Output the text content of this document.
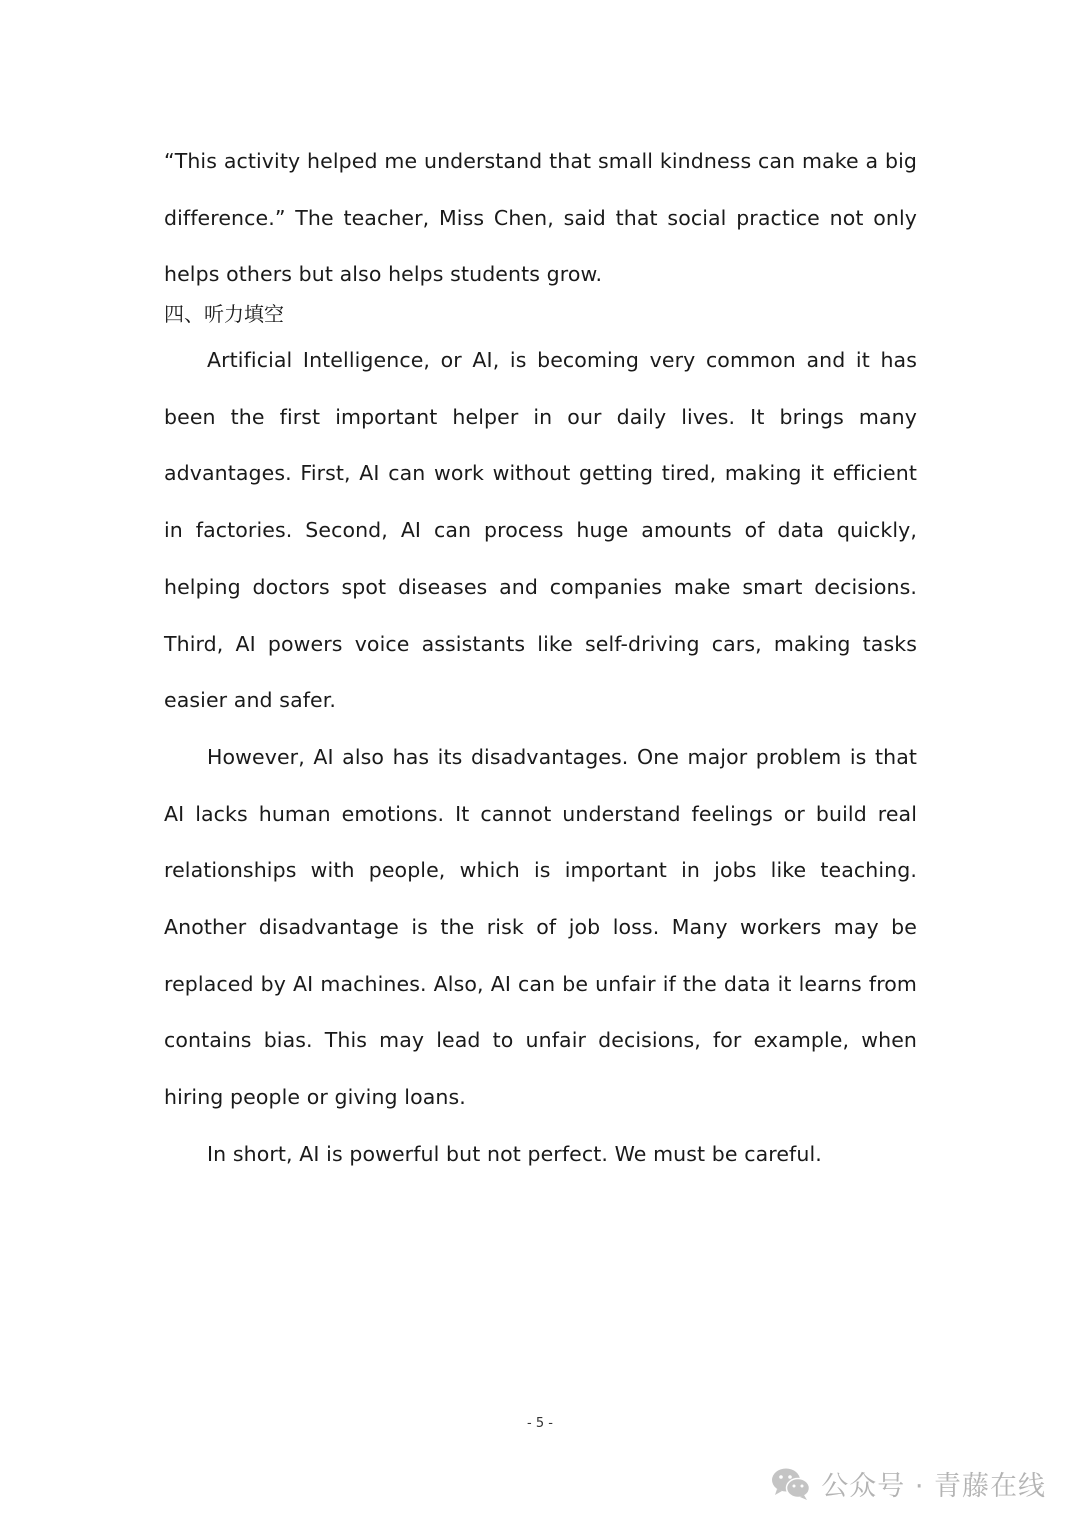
“This activity helped me understand that small kindness can make a big difference.” The teacher, Miss Chen, said that social practice not only helps others but also helps students grow.

四、听力填空

Artificial Intelligence, or AI, is becoming very common and it has been the first important helper in our daily lives. It brings many advantages. First, AI can work without getting tired, making it efficient in factories. Second, AI can process huge amounts of data quickly, helping doctors spot diseases and companies make smart decisions. Third, AI powers voice assistants like self-driving cars, making tasks easier and safer.

However, AI also has its disadvantages. One major problem is that AI lacks human emotions. It cannot understand feelings or build real relationships with people, which is important in jobs like teaching. Another disadvantage is the risk of job loss. Many workers may be replaced by AI machines. Also, AI can be unfair if the data it learns from contains bias. This may lead to unfair decisions, for example, when hiring people or giving loans.

In short, AI is powerful but not perfect. We must be careful.

- 5 -
公众号 · 青藤在线
